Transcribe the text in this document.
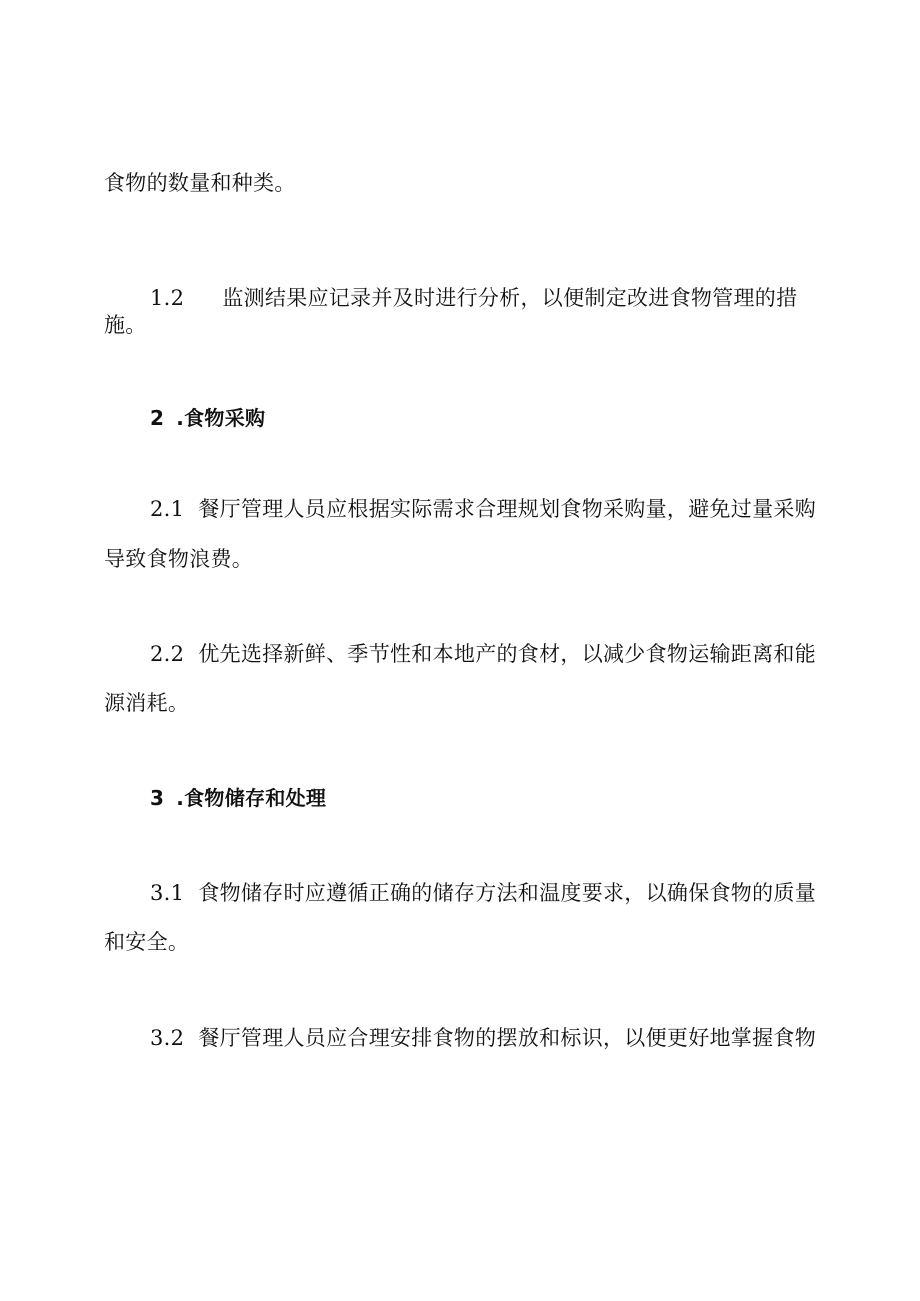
食物的数量和种类。
1.2 监测结果应记录并及时进行分析，以便制定改进食物管理的措
施。
2 .食物采购
2.1 餐厅管理人员应根据实际需求合理规划食物采购量，避免过量采购
导致食物浪费。
2.2 优先选择新鲜、季节性和本地产的食材，以减少食物运输距离和能
源消耗。
3 .食物储存和处理
3.1 食物储存时应遵循正确的储存方法和温度要求，以确保食物的质量
和安全。
3.2 餐厅管理人员应合理安排食物的摆放和标识，以便更好地掌握食物
